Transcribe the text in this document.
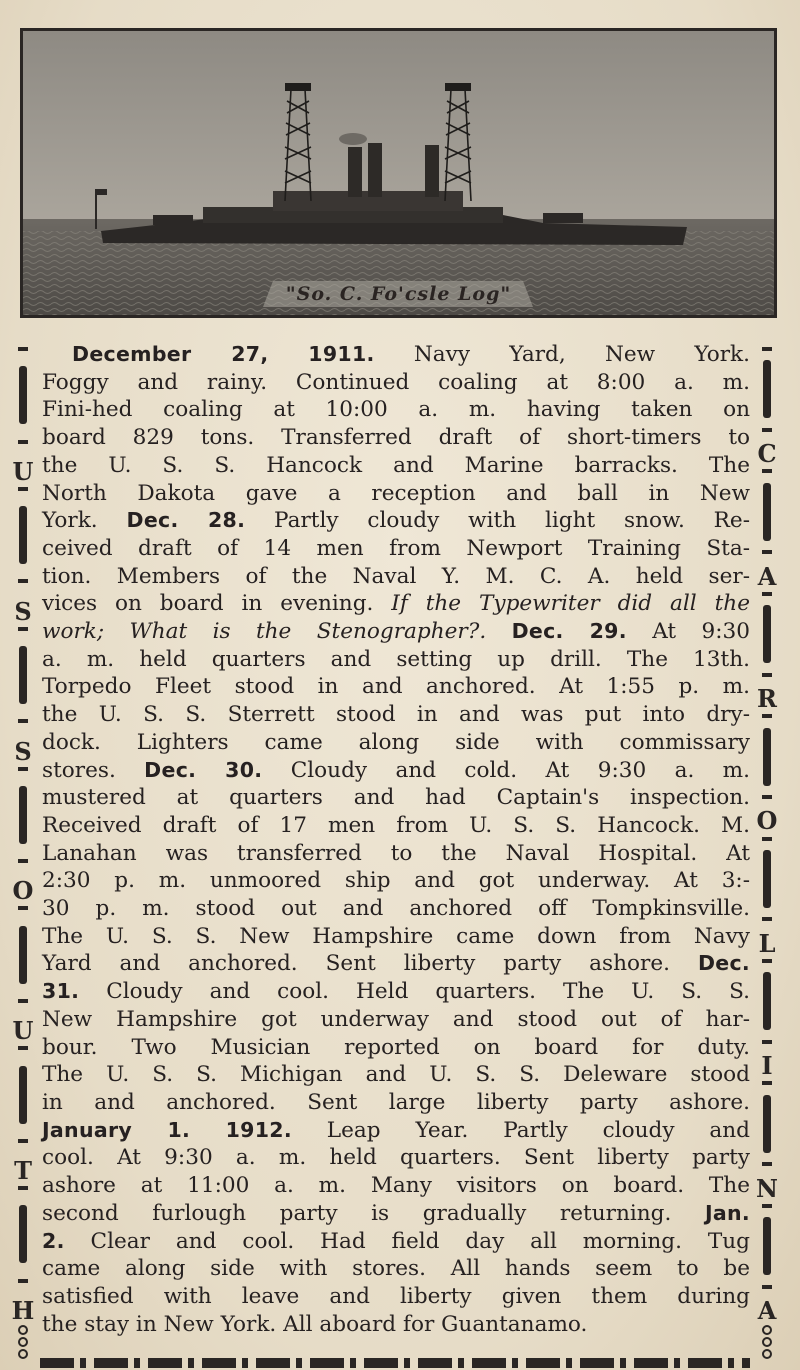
"So. C. Fo'csle Log"
U
S
S
O
U
T
H
C
A
R
O
L
I
N
A
December 27, 1911. Navy Yard, New York.
Foggy and rainy. Continued coaling at 8:00 a. m.
Fini-hed coaling at 10:00 a. m. having taken on
board 829 tons. Transferred draft of short-timers to
the U. S. S. Hancock and Marine barracks. The
North Dakota gave a reception and ball in New
York. Dec. 28. Partly cloudy with light snow. Re-
ceived draft of 14 men from Newport Training Sta-
tion. Members of the Naval Y. M. C. A. held ser-
vices on board in evening. If the Typewriter did all the
work; What is the Stenographer?. Dec. 29. At 9:30
a. m. held quarters and setting up drill. The 13th.
Torpedo Fleet stood in and anchored. At 1:55 p. m.
the U. S. S. Sterrett stood in and was put into dry-
dock. Lighters came along side with commissary
stores. Dec. 30. Cloudy and cold. At 9:30 a. m.
mustered at quarters and had Captain's inspection.
Received draft of 17 men from U. S. S. Hancock. M.
Lanahan was transferred to the Naval Hospital. At
2:30 p. m. unmoored ship and got underway. At 3:-
30 p. m. stood out and anchored off Tompkinsville.
The U. S. S. New Hampshire came down from Navy
Yard and anchored. Sent liberty party ashore. Dec.
31. Cloudy and cool. Held quarters. The U. S. S.
New Hampshire got underway and stood out of har-
bour. Two Musician reported on board for duty.
The U. S. S. Michigan and U. S. S. Deleware stood
in and anchored. Sent large liberty party ashore.
January 1. 1912. Leap Year. Partly cloudy and
cool. At 9:30 a. m. held quarters. Sent liberty party
ashore at 11:00 a. m. Many visitors on board. The
second furlough party is gradually returning. Jan.
2. Clear and cool. Had field day all morning. Tug
came along side with stores. All hands seem to be
satisfied with leave and liberty given them during
the stay in New York. All aboard for Guantanamo.
